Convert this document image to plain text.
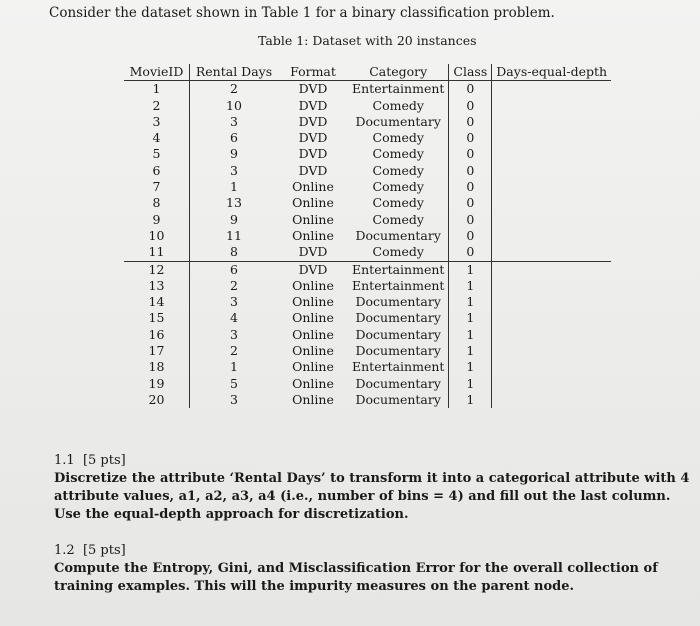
Consider the dataset shown in Table 1 for a binary classification problem.
Table 1: Dataset with 20 instances
MovieID	Rental Days	Format	Category	Class	Days-equal-depth
1	2	DVD	Entertainment	0	
2	10	DVD	Comedy	0	
3	3	DVD	Documentary	0	
4	6	DVD	Comedy	0	
5	9	DVD	Comedy	0	
6	3	DVD	Comedy	0	
7	1	Online	Comedy	0	
8	13	Online	Comedy	0	
9	9	Online	Comedy	0	
10	11	Online	Documentary	0	
11	8	DVD	Comedy	0	
12	6	DVD	Entertainment	1	
13	2	Online	Entertainment	1	
14	3	Online	Documentary	1	
15	4	Online	Documentary	1	
16	3	Online	Documentary	1	
17	2	Online	Documentary	1	
18	1	Online	Entertainment	1	
19	5	Online	Documentary	1	
20	3	Online	Documentary	1	
1.1 [5 pts]
Discretize the attribute ‘Rental Days’ to transform it into a categorical attribute with 4 attribute values, a1, a2, a3, a4 (i.e., number of bins = 4) and fill out the last column. Use the equal-depth approach for discretization.
1.2 [5 pts]
Compute the Entropy, Gini, and Misclassification Error for the overall collection of training examples. This will the impurity measures on the parent node.
